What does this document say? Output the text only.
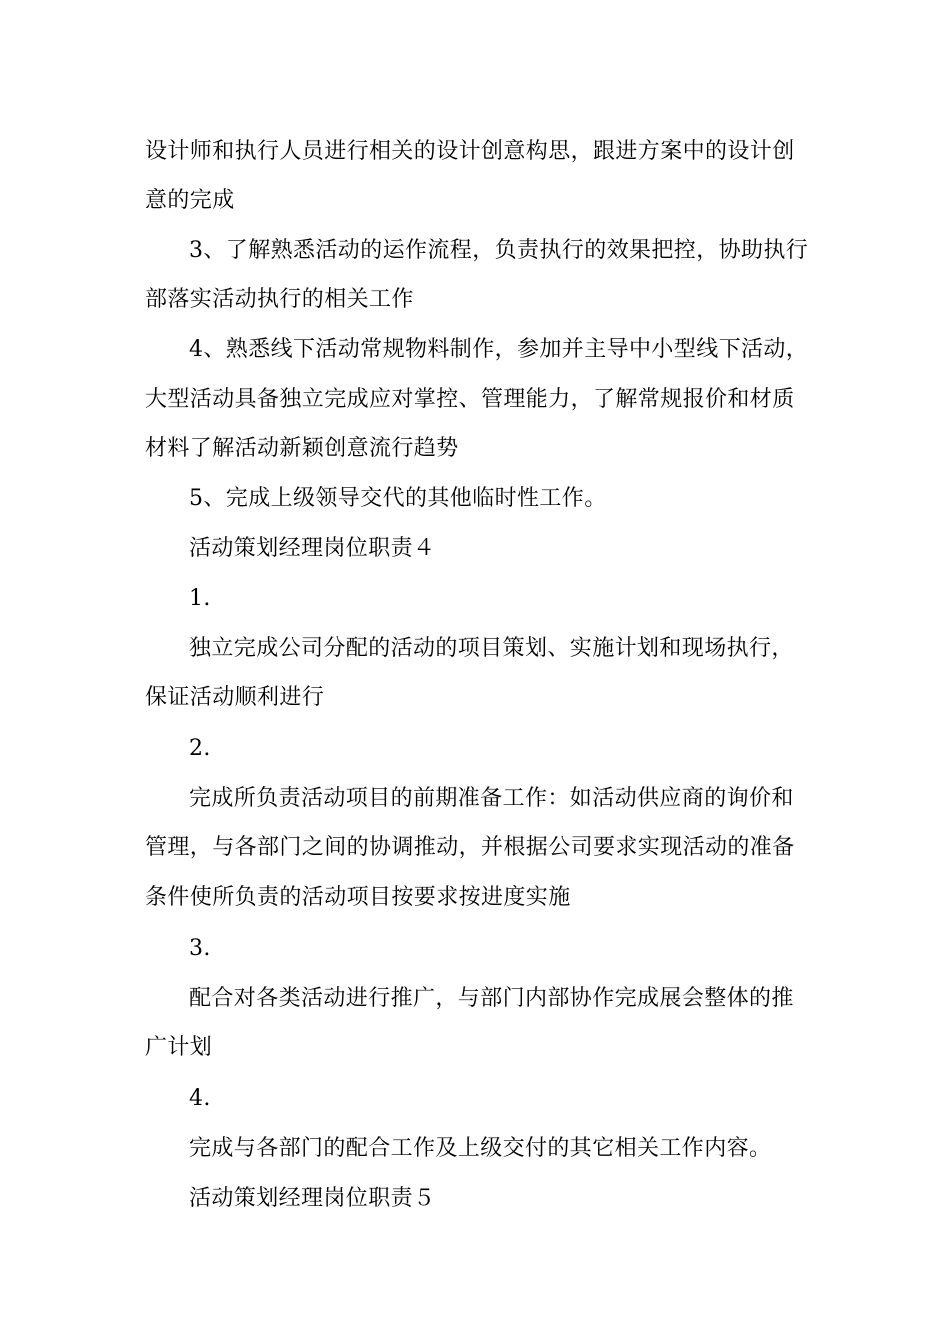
设计师和执行人员进行相关的设计创意构思，跟进方案中的设计创
意的完成
3、了解熟悉活动的运作流程，负责执行的效果把控，协助执行
部落实活动执行的相关工作
4、熟悉线下活动常规物料制作，参加并主导中小型线下活动，
大型活动具备独立完成应对掌控、管理能力，了解常规报价和材质
材料了解活动新颖创意流行趋势
5、完成上级领导交代的其他临时性工作。
活动策划经理岗位职责４
1.
独立完成公司分配的活动的项目策划、实施计划和现场执行，
保证活动顺利进行
2.
完成所负责活动项目的前期准备工作：如活动供应商的询价和
管理，与各部门之间的协调推动，并根据公司要求实现活动的准备
条件使所负责的活动项目按要求按进度实施
3.
配合对各类活动进行推广，与部门内部协作完成展会整体的推
广计划
4.
完成与各部门的配合工作及上级交付的其它相关工作内容。
活动策划经理岗位职责５
